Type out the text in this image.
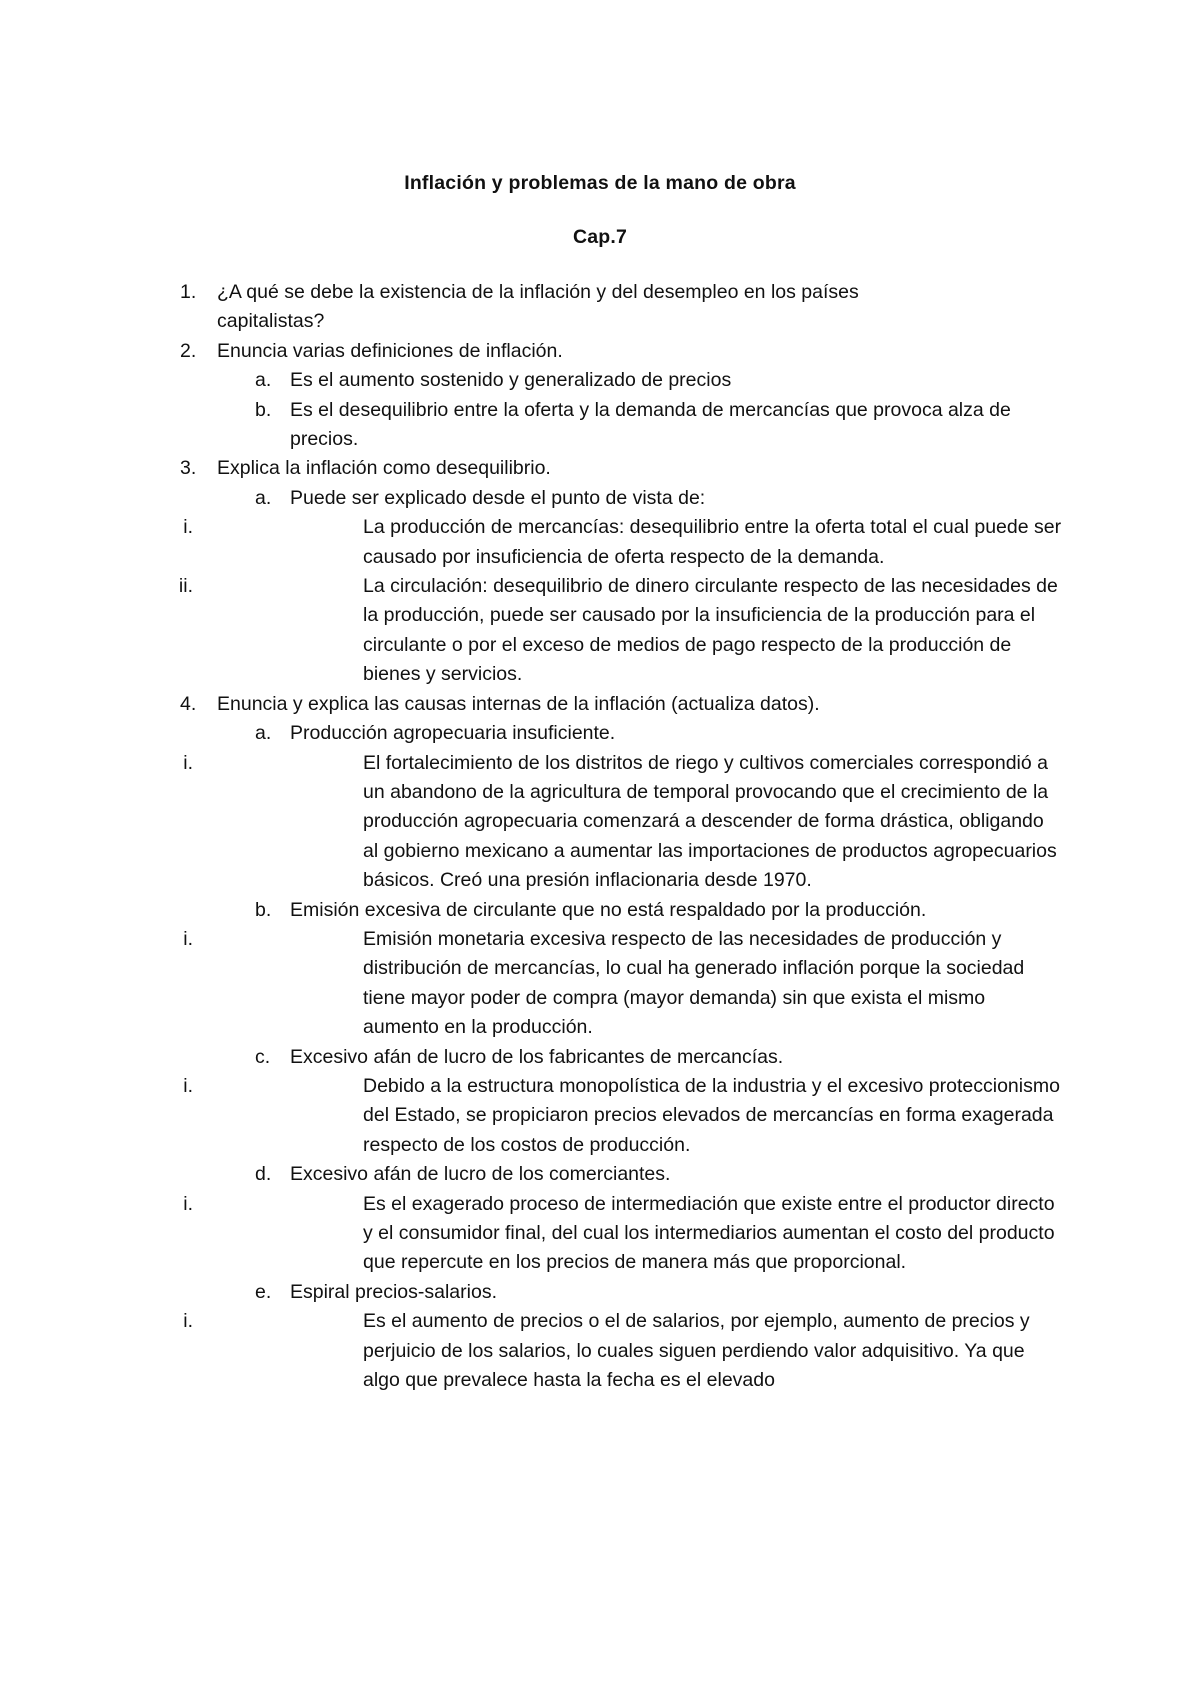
Inflación y problemas de la mano de obra
Cap.7
1. ¿A qué se debe la existencia de la inflación y del desempleo en los países capitalistas?
2. Enuncia varias definiciones de inflación.
a. Es el aumento sostenido y generalizado de precios
b. Es el desequilibrio entre la oferta y la demanda de mercancías que provoca alza de precios.
3. Explica la inflación como desequilibrio.
a. Puede ser explicado desde el punto de vista de:
i.	La producción de mercancías: desequilibrio entre la oferta total el cual puede ser causado por insuficiencia de oferta respecto de la demanda.
ii.	La circulación: desequilibrio de dinero circulante respecto de las necesidades de la producción, puede ser causado por la insuficiencia de la producción para el circulante o por el exceso de medios de pago respecto de la producción de bienes y servicios.
4. Enuncia y explica las causas internas de la inflación (actualiza datos).
a. Producción agropecuaria insuficiente.
i.	El fortalecimiento de los distritos de riego y cultivos comerciales correspondió a un abandono de la agricultura de temporal provocando que el crecimiento de la producción agropecuaria comenzará a descender de forma drástica, obligando al gobierno mexicano a aumentar las importaciones de productos agropecuarios básicos. Creó una presión inflacionaria desde 1970.
b. Emisión excesiva de circulante que no está respaldado por la producción.
i.	Emisión monetaria excesiva respecto de las necesidades de producción y distribución de mercancías, lo cual ha generado inflación porque la sociedad tiene mayor poder de compra (mayor demanda) sin que exista el mismo aumento en la producción.
c. Excesivo afán de lucro de los fabricantes de mercancías.
i.	Debido a la estructura monopolística de la industria y el excesivo proteccionismo del Estado, se propiciaron precios elevados de mercancías en forma exagerada respecto de los costos de producción.
d. Excesivo afán de lucro de los comerciantes.
i.	Es el exagerado proceso de intermediación que existe entre el productor directo y el consumidor final, del cual los intermediarios aumentan el costo del producto que repercute en los precios de manera más que proporcional.
e. Espiral precios-salarios.
i.	Es el aumento de precios o el de salarios, por ejemplo, aumento de precios y perjuicio de los salarios, lo cuales siguen perdiendo valor adquisitivo. Ya que algo que prevalece hasta la fecha es el elevado
